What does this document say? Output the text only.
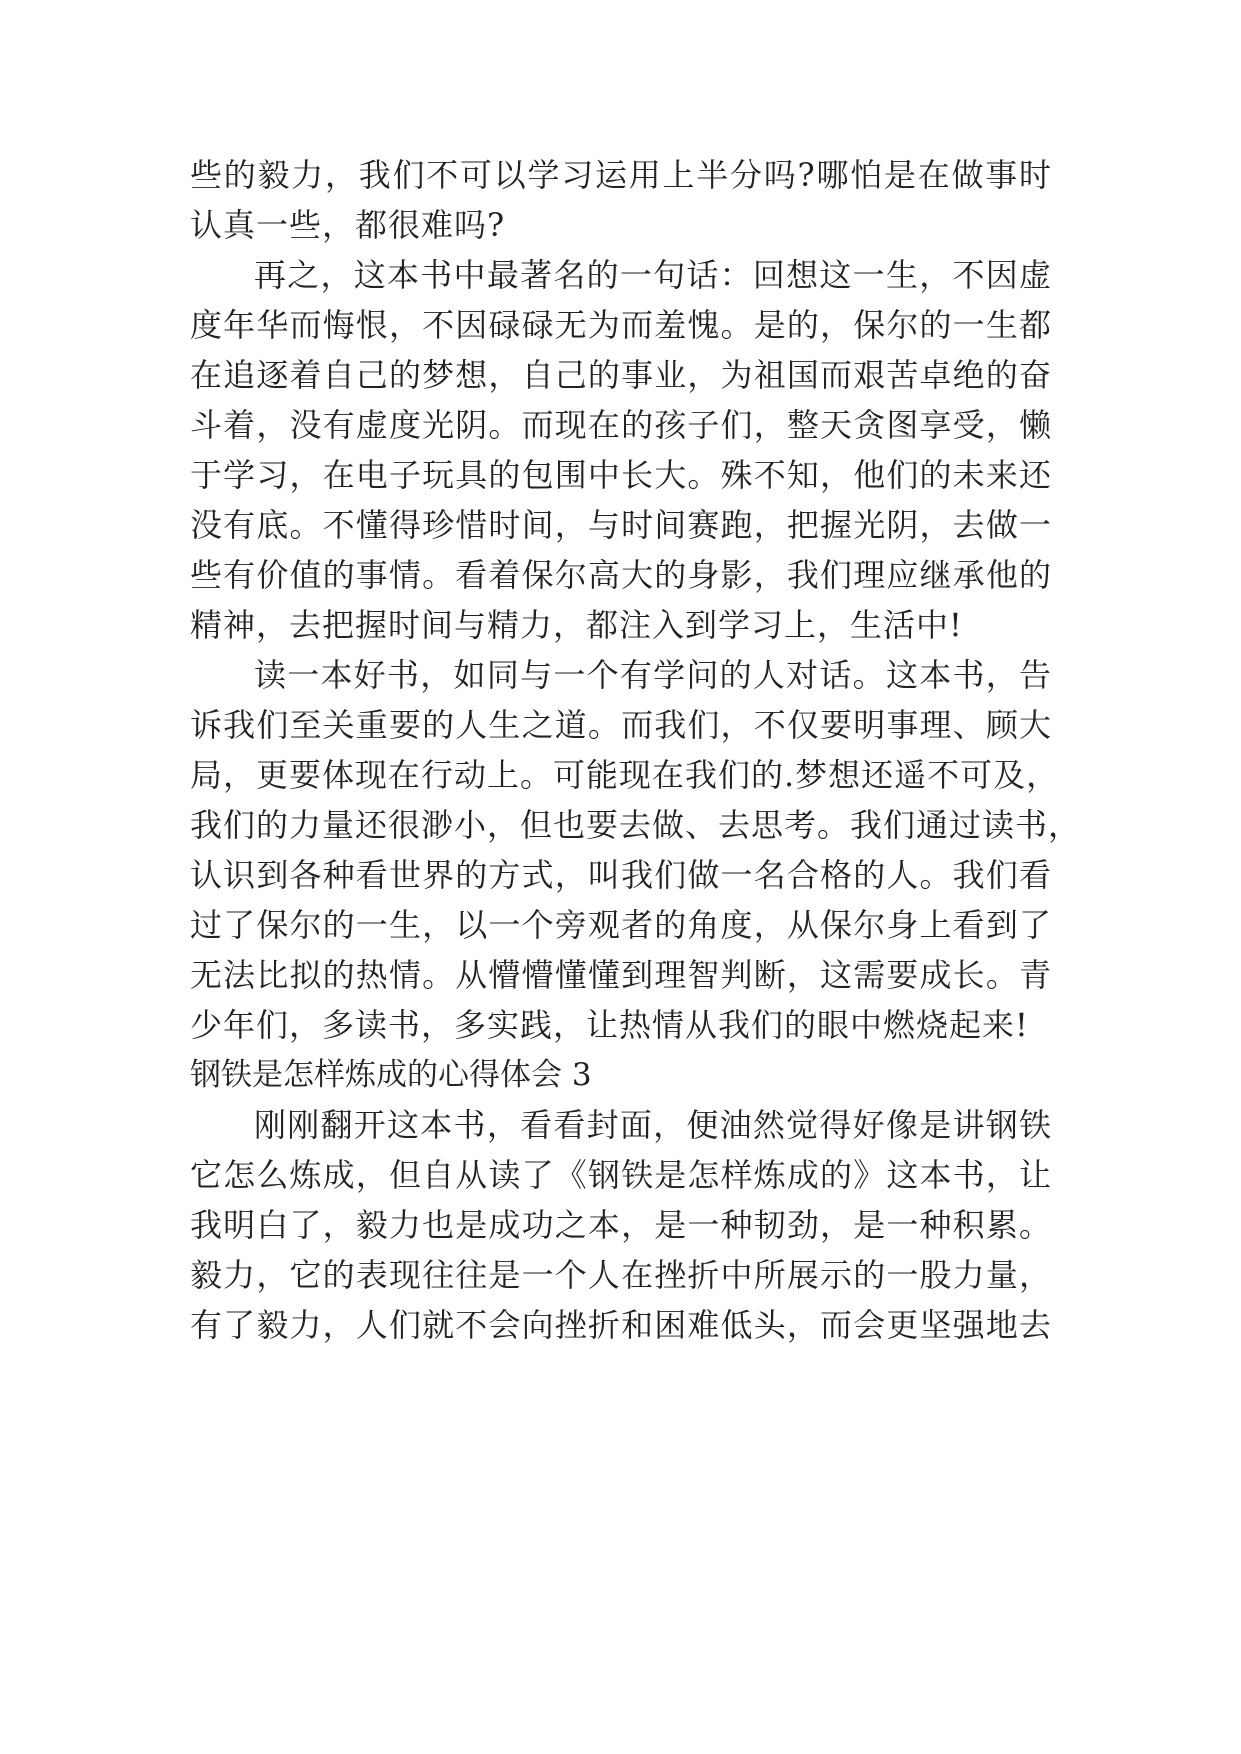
些的毅力，我们不可以学习运用上半分吗?哪怕是在做事时
认真一些，都很难吗?
再之，这本书中最著名的一句话：回想这一生，不因虚
度年华而悔恨，不因碌碌无为而羞愧。是的，保尔的一生都
在追逐着自己的梦想，自己的事业，为祖国而艰苦卓绝的奋
斗着，没有虚度光阴。而现在的孩子们，整天贪图享受，懒
于学习，在电子玩具的包围中长大。殊不知，他们的未来还
没有底。不懂得珍惜时间，与时间赛跑，把握光阴，去做一
些有价值的事情。看着保尔高大的身影，我们理应继承他的
精神，去把握时间与精力，都注入到学习上，生活中!
读一本好书，如同与一个有学问的人对话。这本书，告
诉我们至关重要的人生之道。而我们，不仅要明事理、顾大
局，更要体现在行动上。可能现在我们的.梦想还遥不可及，
我们的力量还很渺小，但也要去做、去思考。我们通过读书，
认识到各种看世界的方式，叫我们做一名合格的人。我们看
过了保尔的一生，以一个旁观者的角度，从保尔身上看到了
无法比拟的热情。从懵懵懂懂到理智判断，这需要成长。青
少年们，多读书，多实践，让热情从我们的眼中燃烧起来!
钢铁是怎样炼成的心得体会 3
刚刚翻开这本书，看看封面，便油然觉得好像是讲钢铁
它怎么炼成，但自从读了《钢铁是怎样炼成的》这本书，让
我明白了，毅力也是成功之本，是一种韧劲，是一种积累。
毅力，它的表现往往是一个人在挫折中所展示的一股力量，
有了毅力，人们就不会向挫折和困难低头，而会更坚强地去
